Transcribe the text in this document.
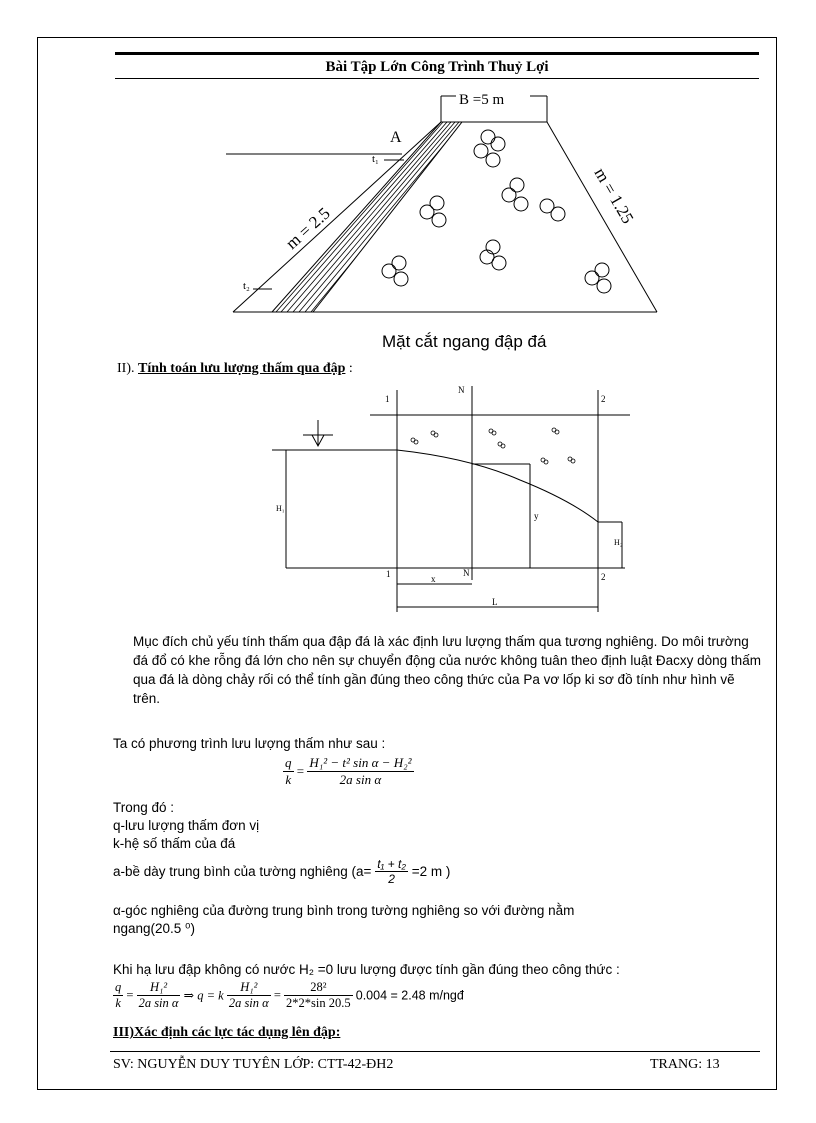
Bài Tập Lớn Công Trình Thuỷ Lợi
B =5 m
A
t₁
t₂
m = 2.5
m = 1.25
Mặt cắt ngang đập đá
II). Tính toán lưu lượng thấm qua đập :
1
N
2
H₁
y
H₂
1	N	2
x
L
Mục đích chủ yếu tính thấm qua đập đá là xác định lưu lượng thấm qua tương nghiêng. Do môi trường đá đổ có khe rỗng đá lớn cho nên sự chuyển động của nước không tuân theo định luật Đacxy dòng thấm qua đá là dòng chảy rối có thể tính gần đúng theo công thức của Pa vơ lốp ki sơ đồ tính như hình vẽ trên.
Ta có phương trình lưu lượng thấm như sau :
$\frac{q}{k} = \frac{\text{H₁² − t² sin α − H₂²}}{\text{2a sin α}}$
Trong đó :
q-lưu lượng thấm đơn vị
k-hệ số thấm của đá
a-bề dày trung bình của tường nghiêng ($a= \frac{\text{t₁ + t₂}}{2} =2$ m )
α-góc nghiêng của đường trung bình trong tường nghiêng so với đường nằm
ngang(20.5 ⁰)
Khi hạ lưu đập không có nước H₂ =0 lưu lượng được tính gần đúng theo công thức :
$\frac{q}{k} = \frac{\text{H₁²}}{\text{2a sin α}}$ ⇒ q = k $\frac{\text{H₁²}}{\text{2a sin α}} = \frac{\text{28²}}{2*2*\sin 20.5} 0.004 = 2.48$ m/ngđ
III)Xác định các lực tác dụng lên đập:
SV: NGUYỄN DUY TUYÊN LỚP: CTT-42-ĐH2	TRANG: 13
